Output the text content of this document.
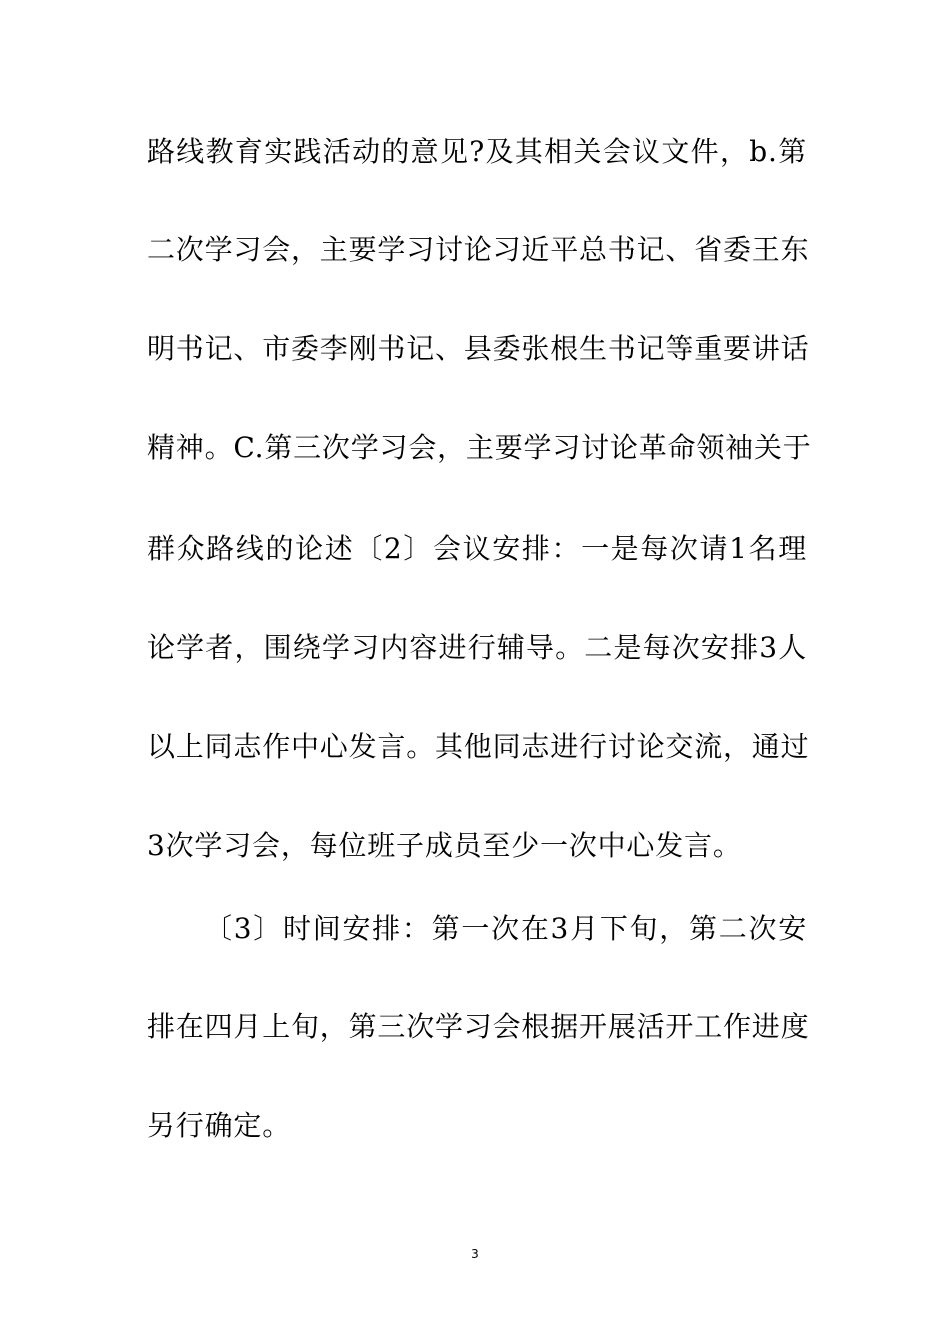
路线教育实践活动的意见?及其相关会议文件，b.第
二次学习会，主要学习讨论习近平总书记、省委王东
明书记、市委李刚书记、县委张根生书记等重要讲话
精神。C.第三次学习会，主要学习讨论革命领袖关于
群众路线的论述〔2〕会议安排：一是每次请1名理
论学者，围绕学习内容进行辅导。二是每次安排3人
以上同志作中心发言。其他同志进行讨论交流，通过
3次学习会，每位班子成员至少一次中心发言。
〔3〕时间安排：第一次在3月下旬，第二次安
排在四月上旬，第三次学习会根据开展活开工作进度
另行确定。
3
